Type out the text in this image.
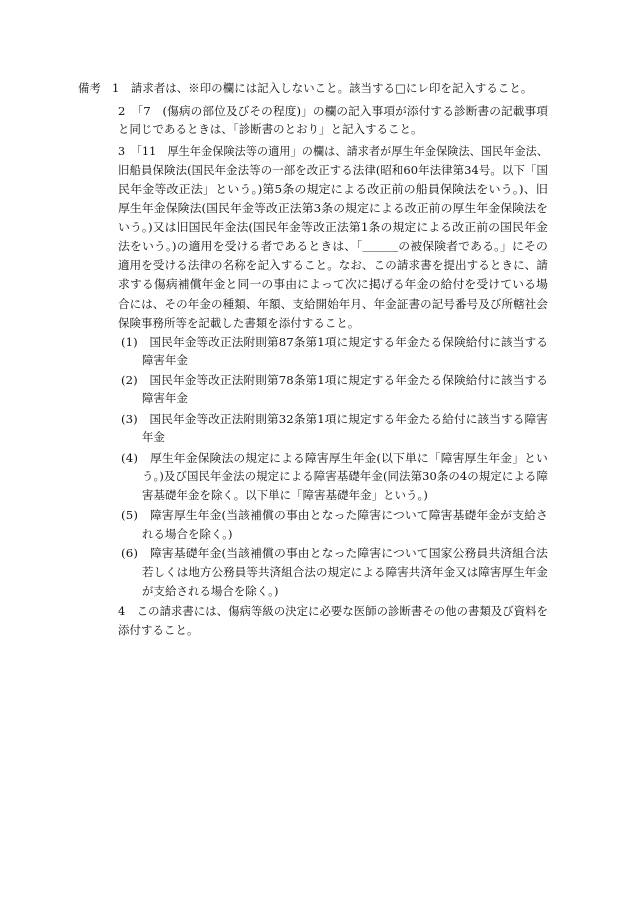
備考 1　請求者は、※印の欄には記入しないこと。該当する□にレ印を記入すること。
2　「7　(傷病の部位及びその程度)」の欄の記入事項が添付する診断書の記載事項
と同じであるときは、「診断書のとおり」と記入すること。
3　「11　厚生年金保険法等の適用」の欄は、請求者が厚生年金保険法、国民年金法、
旧船員保険法(国民年金法等の一部を改正する法律(昭和60年法律第34号。以下「国
民年金等改正法」という。)第5条の規定による改正前の船員保険法をいう。)、旧
厚生年金保険法(国民年金等改正法第3条の規定による改正前の厚生年金保険法を
いう。)又は旧国民年金法(国民年金等改正法第1条の規定による改正前の国民年金
法をいう。)の適用を受ける者であるときは、「＿＿＿の被保険者である。」にその
適用を受ける法律の名称を記入すること。なお、この請求書を提出するときに、請
求する傷病補償年金と同一の事由によって次に掲げる年金の給付を受けている場
合には、その年金の種類、年額、支給開始年月、年金証書の記号番号及び所轄社会
保険事務所等を記載した書類を添付すること。
(1)　国民年金等改正法附則第87条第1項に規定する年金たる保険給付に該当する
障害年金
(2)　国民年金等改正法附則第78条第1項に規定する年金たる保険給付に該当する
障害年金
(3)　国民年金等改正法附則第32条第1項に規定する年金たる給付に該当する障害
年金
(4)　厚生年金保険法の規定による障害厚生年金(以下単に「障害厚生年金」とい
う。)及び国民年金法の規定による障害基礎年金(同法第30条の4の規定による障
害基礎年金を除く。以下単に「障害基礎年金」という。)
(5)　障害厚生年金(当該補償の事由となった障害について障害基礎年金が支給さ
れる場合を除く。)
(6)　障害基礎年金(当該補償の事由となった障害について国家公務員共済組合法
若しくは地方公務員等共済組合法の規定による障害共済年金又は障害厚生年金
が支給される場合を除く。)
4　この請求書には、傷病等級の決定に必要な医師の診断書その他の書類及び資料を
添付すること。
